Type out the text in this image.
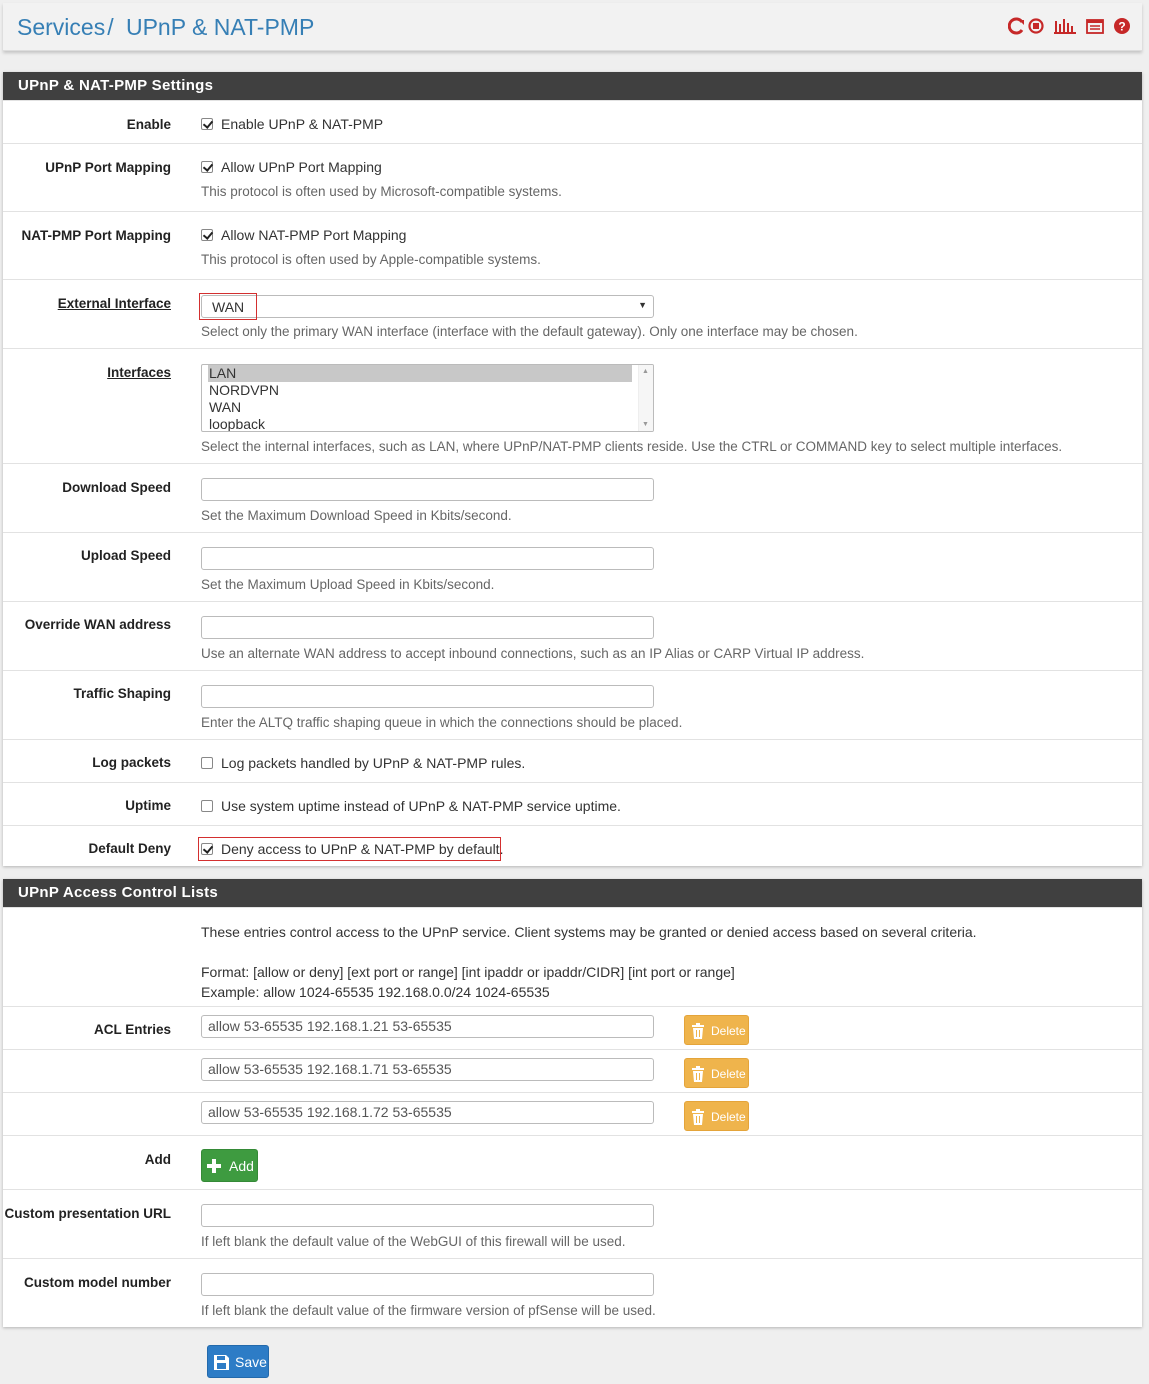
Services/ UPnP & NAT-PMP	?
UPnP & NAT-PMP Settings
Enable	Enable UPnP & NAT-PMP
UPnP Port Mapping	Allow UPnP Port Mapping
This protocol is often used by Microsoft-compatible systems.
NAT-PMP Port Mapping	Allow NAT-PMP Port Mapping
This protocol is often used by Apple-compatible systems.
External Interface	WAN	▼
Select only the primary WAN interface (interface with the default gateway). Only one interface may be chosen.
Interfaces	LAN
NORDVPN
WAN
loopback
▲
▼
Select the internal interfaces, such as LAN, where UPnP/NAT-PMP clients reside. Use the CTRL or COMMAND key to select multiple interfaces.
Download Speed
Set the Maximum Download Speed in Kbits/second.
Upload Speed
Set the Maximum Upload Speed in Kbits/second.
Override WAN address
Use an alternate WAN address to accept inbound connections, such as an IP Alias or CARP Virtual IP address.
Traffic Shaping
Enter the ALTQ traffic shaping queue in which the connections should be placed.
Log packets	Log packets handled by UPnP & NAT-PMP rules.
Uptime	Use system uptime instead of UPnP & NAT-PMP service uptime.
Default Deny	Deny access to UPnP & NAT-PMP by default.
UPnP Access Control Lists
These entries control access to the UPnP service. Client systems may be granted or denied access based on several criteria.
Format: [allow or deny] [ext port or range] [int ipaddr or ipaddr/CIDR] [int port or range]
Example: allow 1024-65535 192.168.0.0/24 1024-65535
ACL Entries	allow 53-65535 192.168.1.21 53-65535	Delete
allow 53-65535 192.168.1.71 53-65535	Delete
allow 53-65535 192.168.1.72 53-65535	Delete
Add	Add
Custom presentation URL
If left blank the default value of the WebGUI of this firewall will be used.
Custom model number
If left blank the default value of the firmware version of pfSense will be used.
Save
